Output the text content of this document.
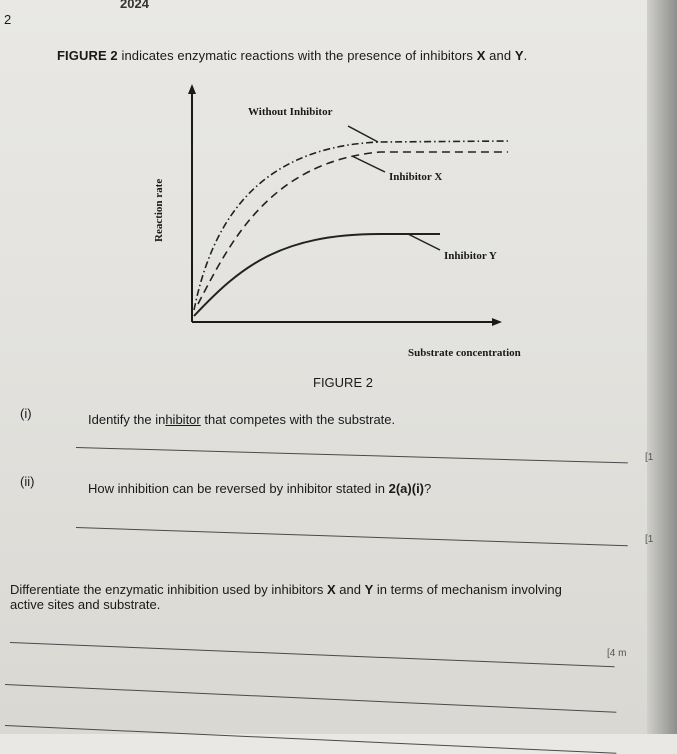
2024
2
FIGURE 2 indicates enzymatic reactions with the presence of inhibitors X and Y.
Without Inhibitor
Inhibitor X
Inhibitor Y
Substrate concentration
Reaction rate
FIGURE 2
(i)	Identify the inhibitor that competes with the substrate.
[1
(ii)	How inhibition can be reversed by inhibitor stated in 2(a)(i)?
[1
Differentiate the enzymatic inhibition used by inhibitors X and Y in terms of mechanism involving
active sites and substrate.
[4 m
